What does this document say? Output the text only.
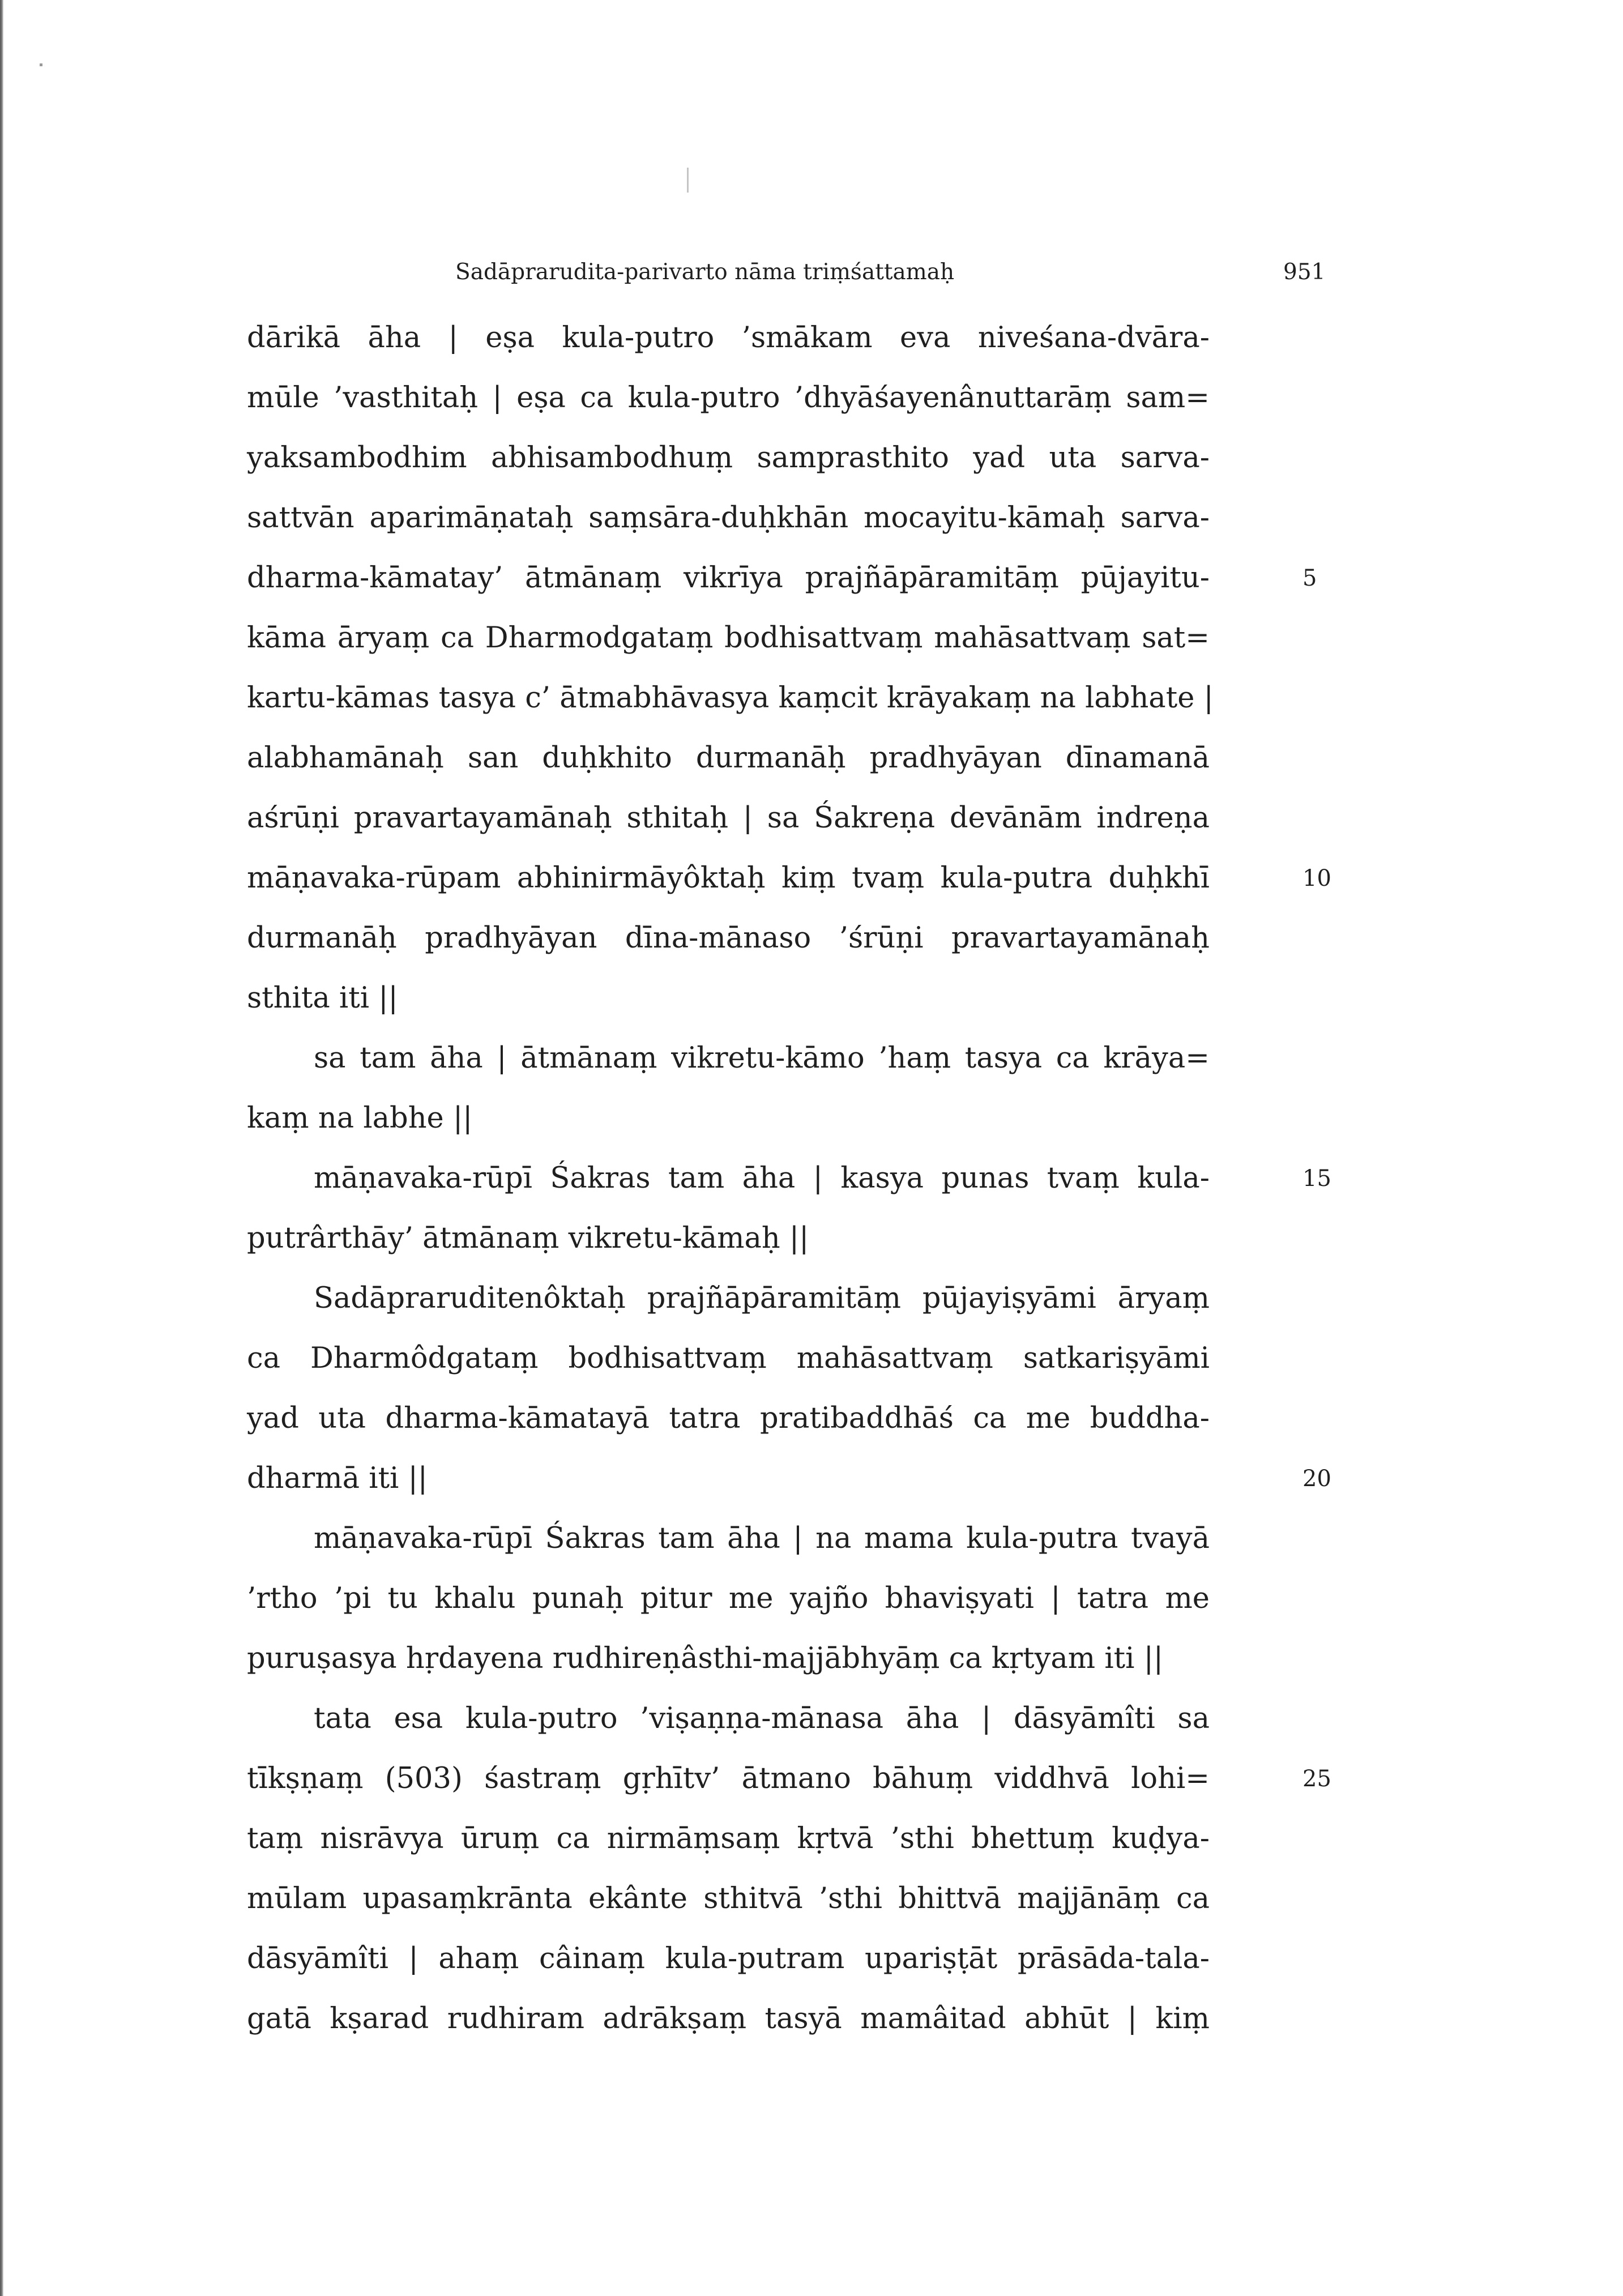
Sadāprarudita-parivarto nāma triṃśattamaḥ	951
dārikā āha | eṣa kula-putro ’smākam eva niveśana-dvāra-
mūle ’vasthitaḥ | eṣa ca kula-putro ’dhyāśayenânuttarāṃ sam=
yaksambodhim abhisambodhuṃ samprasthito yad uta sarva-
sattvān aparimāṇataḥ saṃsāra-duḥkhān mocayitu-kāmaḥ sarva-
dharma-kāmatay’ ātmānaṃ vikrīya prajñāpāramitāṃ pūjayitu-
kāma āryaṃ ca Dharmodgataṃ bodhisattvaṃ mahāsattvaṃ sat=
kartu-kāmas tasya c’ ātmabhāvasya kaṃcit krāyakaṃ na labhate |
alabhamānaḥ san duḥkhito durmanāḥ pradhyāyan dīnamanā
aśrūṇi pravartayamānaḥ sthitaḥ | sa Śakreṇa devānām indreṇa
māṇavaka-rūpam abhinirmāyôktaḥ kiṃ tvaṃ kula-putra duḥkhī
durmanāḥ pradhyāyan dīna-mānaso ’śrūṇi pravartayamānaḥ
sthita iti ||
sa tam āha | ātmānaṃ vikretu-kāmo ’haṃ tasya ca krāya=
kaṃ na labhe ||
māṇavaka-rūpī Śakras tam āha | kasya punas tvaṃ kula-
putrârthāy’ ātmānaṃ vikretu-kāmaḥ ||
Sadāpraruditenôktaḥ prajñāpāramitāṃ pūjayiṣyāmi āryaṃ
ca Dharmôdgataṃ bodhisattvaṃ mahāsattvaṃ satkariṣyāmi
yad uta dharma-kāmatayā tatra pratibaddhāś ca me buddha-
dharmā iti ||
māṇavaka-rūpī Śakras tam āha | na mama kula-putra tvayā
’rtho ’pi tu khalu punaḥ pitur me yajño bhaviṣyati | tatra me
puruṣasya hṛdayena rudhireṇâsthi-majjābhyāṃ ca kṛtyam iti ||
tata esa kula-putro ’viṣaṇṇa-mānasa āha | dāsyāmîti sa
tīkṣṇaṃ (503) śastraṃ gṛhītv’ ātmano bāhuṃ viddhvā lohi=
taṃ nisrāvya ūruṃ ca nirmāṃsaṃ kṛtvā ’sthi bhettuṃ kuḍya-
mūlam upasaṃkrānta ekânte sthitvā ’sthi bhittvā majjānāṃ ca
dāsyāmîti | ahaṃ câinaṃ kula-putram upariṣṭāt prāsāda-tala-
gatā kṣarad rudhiram adrākṣaṃ tasyā mamâitad abhūt | kiṃ
5
10
15
20
25
